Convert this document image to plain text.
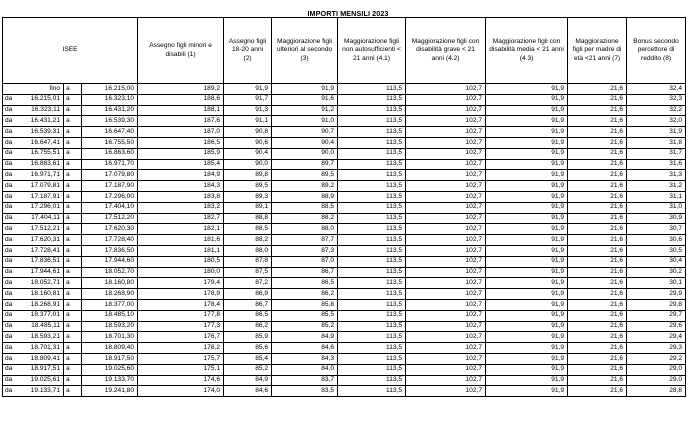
IMPORTI MENSILI 2023
ISEE				Assegno figli minori e disabili (1)	Assegno figli 18-20 anni (2)	Maggiorazione figli ulteriori al secondo (3)	Maggiorazione figli non autosufficienti < 21 anni (4.1)	Maggiorazione figli con disabilità grave < 21 anni (4.2)	Maggiorazione figli con disabilità media < 21 anni (4.3)	Maggiorazione figli per madre di età <21 anni (7)	Bonus secondo percettore di reddito (8)
	fino	a	16.215,00	189,2	91,9	91,9	113,5	102,7	91,9	21,6	32,4
da	16.215,01	a	16.323,10	188,6	91,7	91,6	113,5	102,7	91,9	21,6	32,3
da	16.323,11	a	16.431,20	188,1	91,3	91,2	113,5	102,7	91,9	21,6	32,2
da	16.431,21	a	16.539,30	187,6	91,1	91,0	113,5	102,7	91,9	21,6	32,0
da	16.539,31	a	16.647,40	187,0	90,8	90,7	113,5	102,7	91,9	21,6	31,9
da	16.647,41	a	16.755,50	186,5	90,6	90,4	113,5	102,7	91,9	21,6	31,8
da	16.755,51	a	16.863,60	185,9	90,4	90,0	113,5	102,7	91,9	21,6	31,7
da	16.863,61	a	16.971,70	185,4	90,0	89,7	113,5	102,7	91,9	21,6	31,6
da	16.971,71	a	17.079,80	184,9	89,8	89,5	113,5	102,7	91,9	21,6	31,3
da	17.079,81	a	17.187,90	184,3	89,5	89,2	113,5	102,7	91,9	21,6	31,2
da	17.187,91	a	17.296,00	183,8	89,3	88,9	113,5	102,7	91,9	21,6	31,1
da	17.296,01	a	17.404,10	183,2	89,1	88,5	113,5	102,7	91,9	21,6	31,0
da	17.404,11	a	17.512,20	182,7	88,8	88,2	113,5	102,7	91,9	21,6	30,9
da	17.512,21	a	17.620,30	182,1	88,5	88,0	113,5	102,7	91,9	21,6	30,7
da	17.620,31	a	17.728,40	181,6	88,2	87,7	113,5	102,7	91,9	21,6	30,6
da	17.728,41	a	17.836,50	181,1	88,0	87,3	113,5	102,7	91,9	21,6	30,5
da	17.836,51	a	17.944,60	180,5	87,8	87,0	113,5	102,7	91,9	21,6	30,4
da	17.944,61	a	18.052,70	180,0	87,5	86,7	113,5	102,7	91,9	21,6	30,2
da	18.052,71	a	18.160,80	179,4	87,2	86,5	113,5	102,7	91,9	21,6	30,1
da	18.160,81	a	18.268,90	178,9	86,9	86,2	113,5	102,7	91,9	21,6	29,9
da	18.268,91	a	18.377,00	178,4	86,7	85,8	113,5	102,7	91,9	21,6	29,8
da	18.377,01	a	18.485,10	177,8	86,5	85,5	113,5	102,7	91,9	21,6	29,7
da	18.485,11	a	18.593,20	177,3	86,2	85,2	113,5	102,7	91,9	21,6	29,6
da	18.593,21	a	18.701,30	176,7	85,9	84,9	113,5	102,7	91,9	21,6	29,4
da	18.701,31	a	18.809,40	176,2	85,6	84,6	113,5	102,7	91,9	21,6	29,3
da	18.809,41	a	18.917,50	175,7	85,4	84,3	113,5	102,7	91,9	21,6	29,2
da	18.917,51	a	19.025,60	175,1	85,2	84,0	113,5	102,7	91,9	21,6	29,0
da	19.025,61	a	19.133,70	174,6	84,9	83,7	113,5	102,7	91,9	21,6	29,0
da	19.133,71	a	19.241,80	174,0	84,6	83,5	113,5	102,7	91,9	21,6	28,8
